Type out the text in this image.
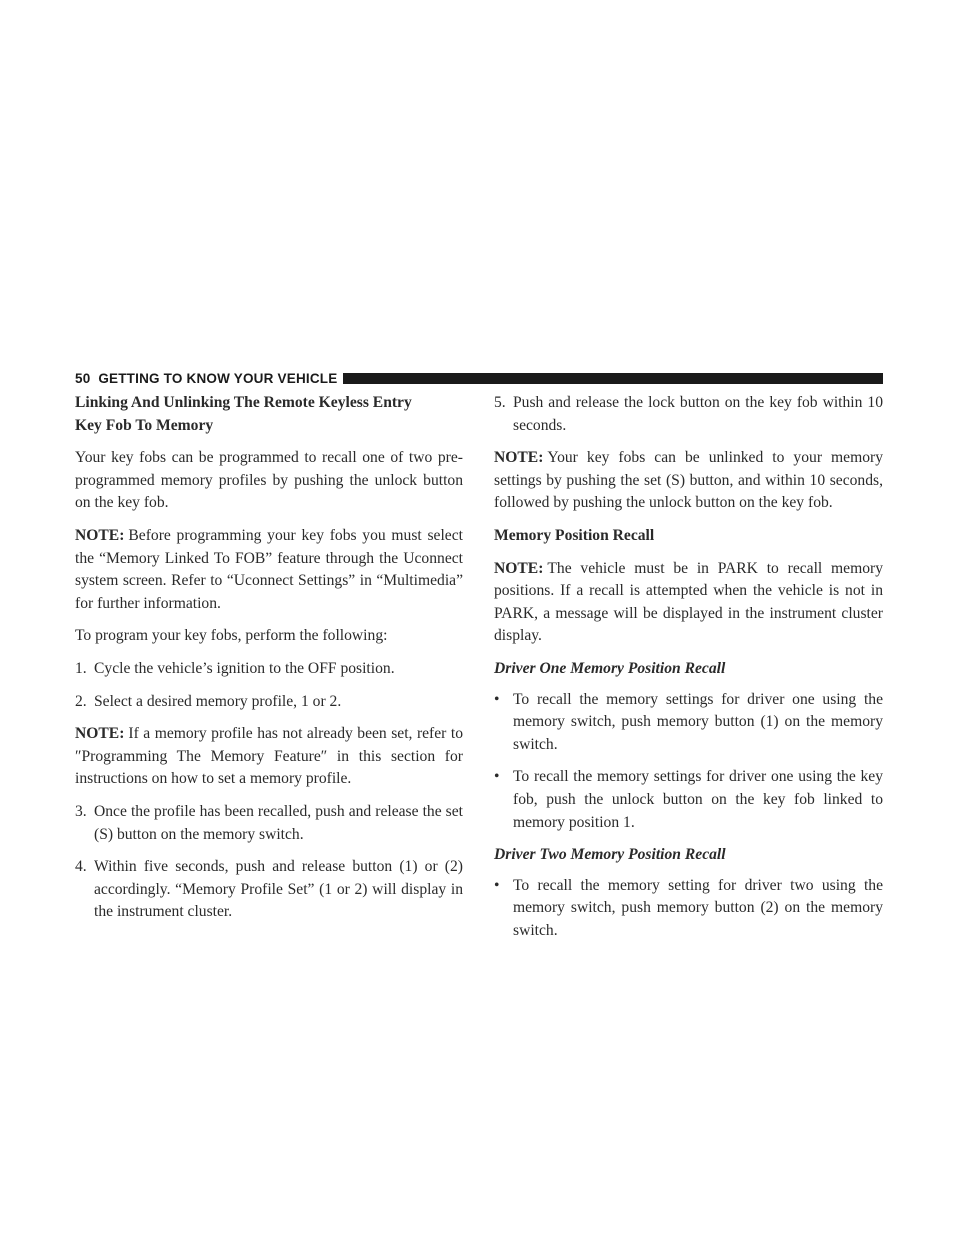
50 GETTING TO KNOW YOUR VEHICLE
Linking And Unlinking The Remote Keyless Entry
Key Fob To Memory

Your key fobs can be programmed to recall one of two pre-programmed memory profiles by pushing the unlock button on the key fob.

NOTE: Before programming your key fobs you must select the “Memory Linked To FOB” feature through the Uconnect system screen. Refer to “Uconnect Settings” in “Multimedia” for further information.

To program your key fobs, perform the following:

1. Cycle the vehicle’s ignition to the OFF position.
2. Select a desired memory profile, 1 or 2.

NOTE: If a memory profile has not already been set, refer to ″Programming The Memory Feature″ in this section for instructions on how to set a memory profile.

3. Once the profile has been recalled, push and release the set (S) button on the memory switch.
4. Within five seconds, push and release button (1) or (2) accordingly. “Memory Profile Set” (1 or 2) will display in the instrument cluster.
5. Push and release the lock button on the key fob within 10 seconds.

NOTE: Your key fobs can be unlinked to your memory settings by pushing the set (S) button, and within 10 seconds, followed by pushing the unlock button on the key fob.

Memory Position Recall

NOTE: The vehicle must be in PARK to recall memory positions. If a recall is attempted when the vehicle is not in PARK, a message will be displayed in the instrument cluster display.

Driver One Memory Position Recall
• To recall the memory settings for driver one using the memory switch, push memory button (1) on the memory switch.
• To recall the memory settings for driver one using the key fob, push the unlock button on the key fob linked to memory position 1.
Driver Two Memory Position Recall
• To recall the memory setting for driver two using the memory switch, push memory button (2) on the memory switch.
